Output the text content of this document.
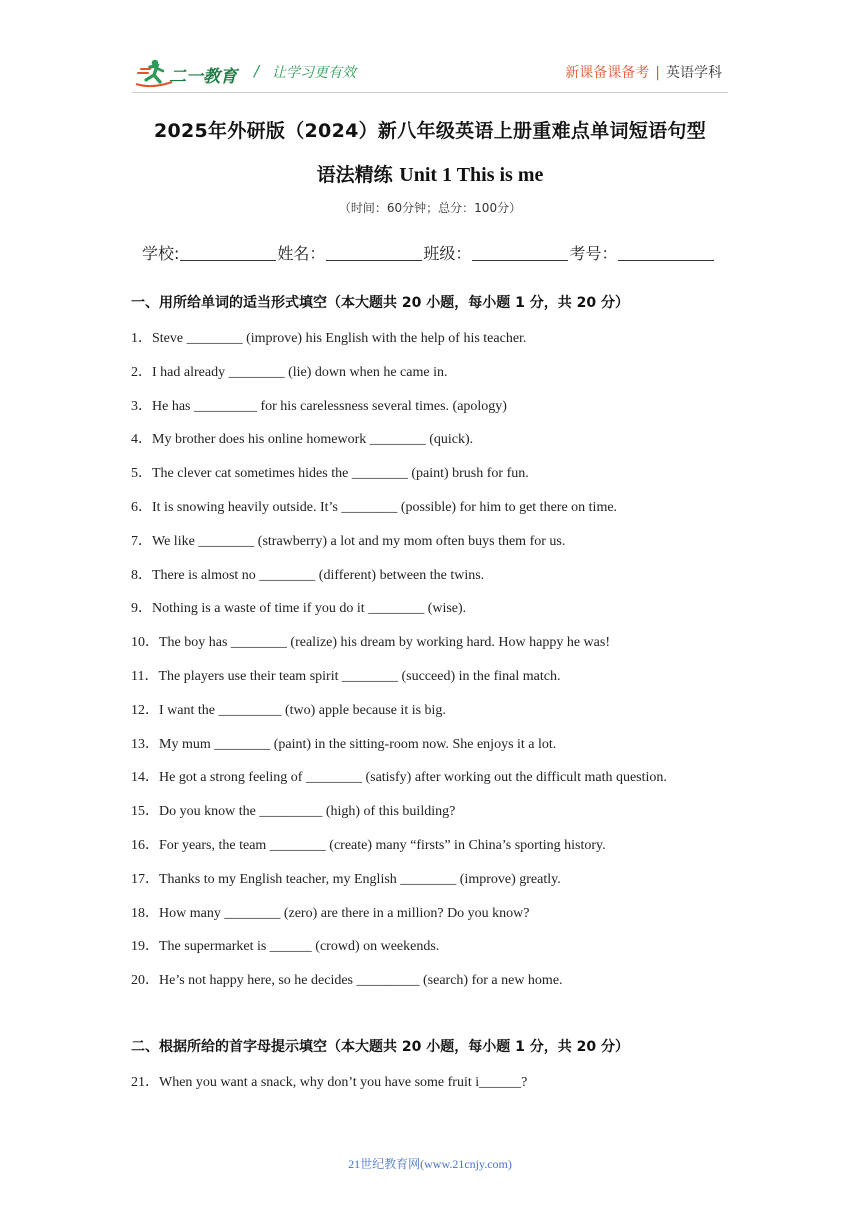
二一教育 / 让学习更有效	新课备课备考 | 英语学科
2025年外研版（2024）新八年级英语上册重难点单词短语句型
语法精练 Unit 1 This is me
（时间：60分钟；总分：100分）
学校:	姓名：	班级：	考号：
一、用所给单词的适当形式填空（本大题共 20 小题，每小题 1 分，共 20 分）
1．Steve ________ (improve) his English with the help of his teacher.
2．I had already ________ (lie) down when he came in.
3．He has _________ for his carelessness several times. (apology)
4．My brother does his online homework ________ (quick).
5．The clever cat sometimes hides the ________ (paint) brush for fun.
6．It is snowing heavily outside. It’s ________ (possible) for him to get there on time.
7．We like ________ (strawberry) a lot and my mom often buys them for us.
8．There is almost no ________ (different) between the twins.
9．Nothing is a waste of time if you do it ________ (wise).
10．The boy has ________ (realize) his dream by working hard. How happy he was!
11．The players use their team spirit ________ (succeed) in the final match.
12．I want the _________ (two) apple because it is big.
13．My mum ________ (paint) in the sitting-room now. She enjoys it a lot.
14．He got a strong feeling of ________ (satisfy) after working out the difficult math question.
15．Do you know the _________ (high) of this building?
16．For years, the team ________ (create) many “firsts” in China’s sporting history.
17．Thanks to my English teacher, my English ________ (improve) greatly.
18．How many ________ (zero) are there in a million? Do you know?
19．The supermarket is ______ (crowd) on weekends.
20．He’s not happy here, so he decides _________ (search) for a new home.
二、根据所给的首字母提示填空（本大题共 20 小题，每小题 1 分，共 20 分）
21．When you want a snack, why don’t you have some fruit i______?
21世纪教育网(www.21cnjy.com)
